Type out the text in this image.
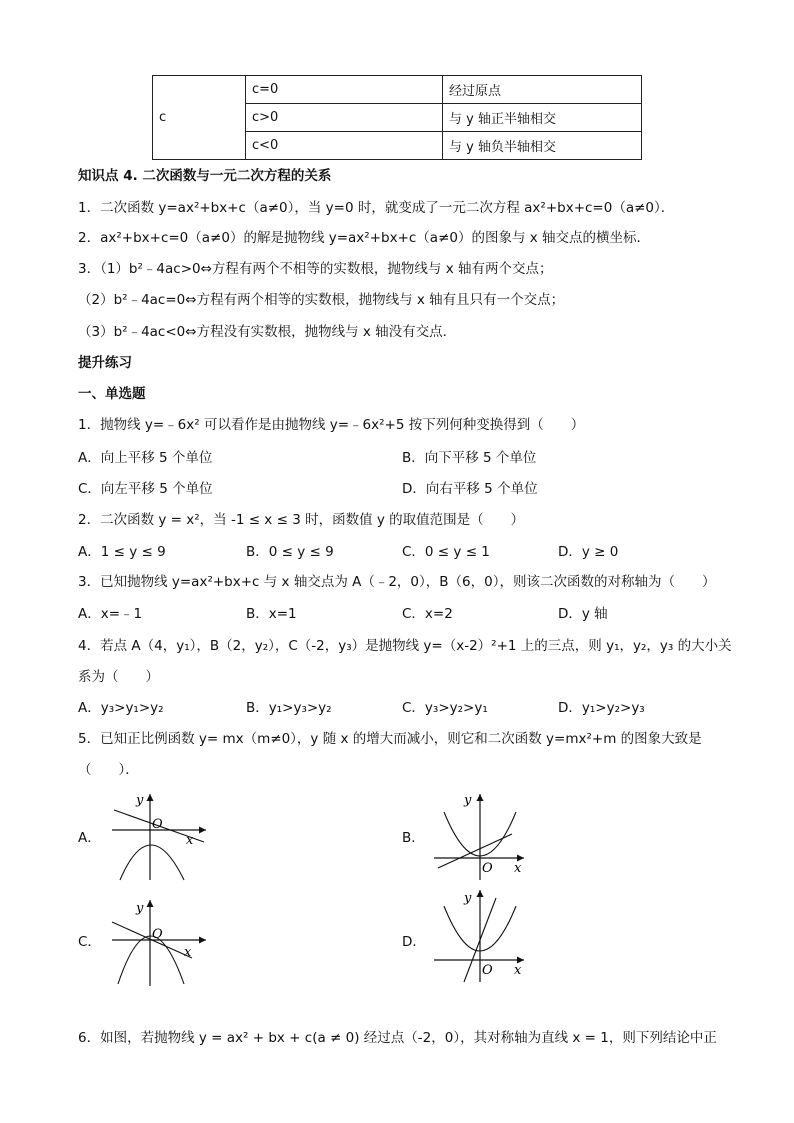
c	c=0	经过原点
	c>0	与 y 轴正半轴相交
	c<0	与 y 轴负半轴相交
知识点 4. 二次函数与一元二次方程的关系
1．二次函数 y=ax²+bx+c（a≠0），当 y=0 时，就变成了一元二次方程 ax²+bx+c=0（a≠0）．
2．ax²+bx+c=0（a≠0）的解是抛物线 y=ax²+bx+c（a≠0）的图象与 x 轴交点的横坐标．
3．（1）b²﹣4ac>0⇔方程有两个不相等的实数根，抛物线与 x 轴有两个交点；
（2）b²﹣4ac=0⇔方程有两个相等的实数根，抛物线与 x 轴有且只有一个交点；
（3）b²﹣4ac<0⇔方程没有实数根，抛物线与 x 轴没有交点．
提升练习
一、单选题
1．抛物线 y=﹣6x² 可以看作是由抛物线 y=﹣6x²+5 按下列何种变换得到（　　）
A．向上平移 5 个单位	B．向下平移 5 个单位
C．向左平移 5 个单位	D．向右平移 5 个单位
2．二次函数 y = x²，当 -1 ≤ x ≤ 3 时，函数值 y 的取值范围是（　　）
A．1 ≤ y ≤ 9	B．0 ≤ y ≤ 9	C．0 ≤ y ≤ 1	D．y ≥ 0
3．已知抛物线 y=ax²+bx+c 与 x 轴交点为 A（﹣2，0），B（6，0），则该二次函数的对称轴为（　　）
A．x=﹣1	B．x=1	C．x=2	D．y 轴
4．若点 A（4，y₁），B（2，y₂），C（-2，y₃）是抛物线 y=（x-2）²+1 上的三点，则 y₁，y₂，y₃ 的大小关
系为（　　）
A．y₃>y₁>y₂	B．y₁>y₃>y₂	C．y₃>y₂>y₁	D．y₁>y₂>y₃
5．已知正比例函数 y= mx（m≠0），y 随 x 的增大而减小，则它和二次函数 y=mx²+m 的图象大致是
（　　）．
A．	B．
C．	D．
y
O
x
y
O x
y
O
x
y
O x
6．如图，若抛物线 y = ax² + bx + c(a ≠ 0) 经过点（-2，0），其对称轴为直线 x = 1，则下列结论中正
